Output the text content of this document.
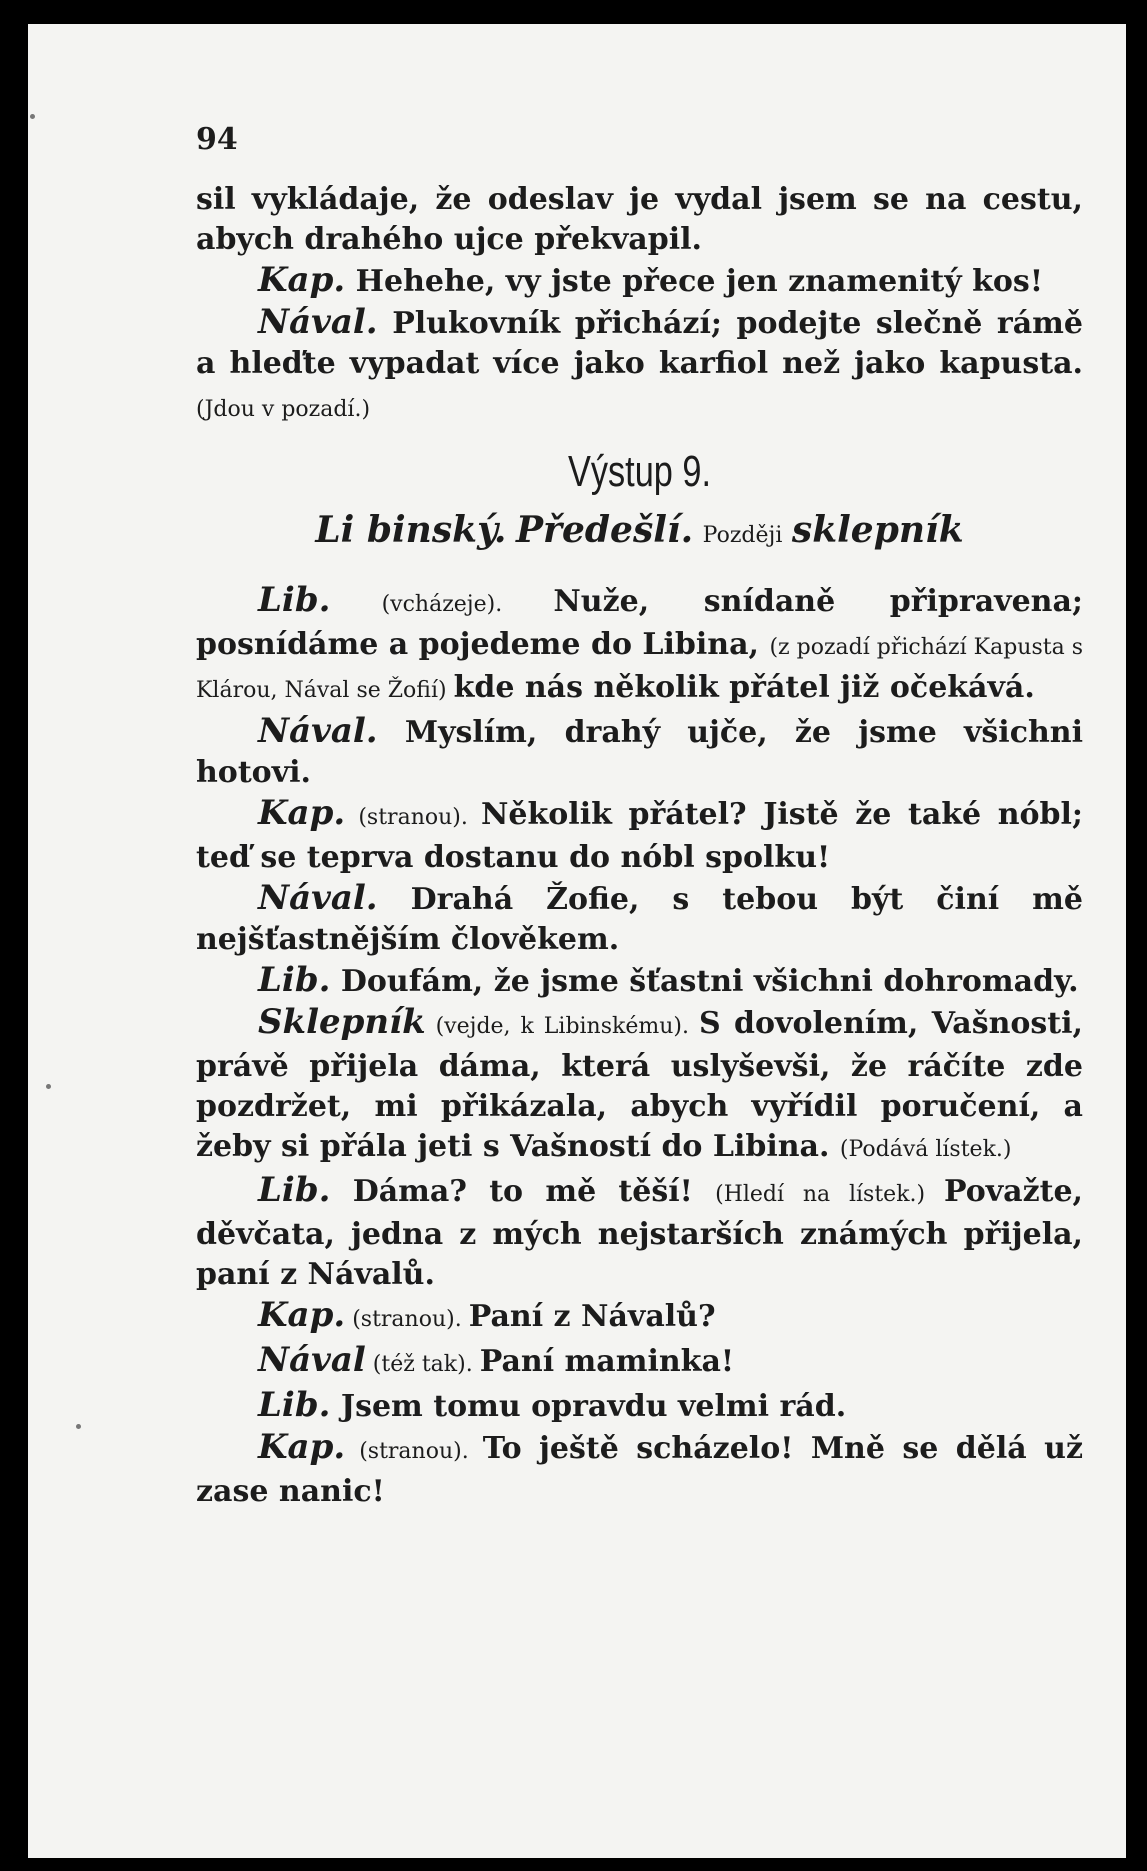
94

sil vykládaje, že odeslav je vydal jsem se na cestu, abych drahého ujce překvapil.

Kap. Hehehe, vy jste přece jen znamenitý kos!

Nával. Plukovník přichází; podejte slečně rámě a hleďte vypadat více jako karfiol než jako kapusta. (Jdou v pozadí.)

Výstup 9.
Li binský. Předešlí. Později sklepník

Lib. (vcházeje). Nuže, snídaně připravena; posnídáme a pojedeme do Libina, (z pozadí přichází Kapusta s Klárou, Nával se Žofií) kde nás několik přátel již očekává.

Nával. Myslím, drahý ujče, že jsme všichni hotovi.

Kap. (stranou). Několik přátel? Jistě že také nóbl; teď se teprva dostanu do nóbl spolku!

Nával. Drahá Žofie, s tebou být činí mě nejšťastnějším člověkem.

Lib. Doufám, že jsme šťastni všichni dohromady.

Sklepník (vejde, k Libinskému). S dovolením, Vašnosti, právě přijela dáma, která uslyševši, že ráčíte zde pozdržet, mi přikázala, abych vyřídil poručení, a žeby si přála jeti s Vašností do Libina. (Podává lístek.)

Lib. Dáma? to mě těší! (Hledí na lístek.) Považte, děvčata, jedna z mých nejstarších známých přijela, paní z Návalů.

Kap. (stranou). Paní z Návalů?

Nával (též tak). Paní maminka!

Lib. Jsem tomu opravdu velmi rád.

Kap. (stranou). To ještě scházelo! Mně se dělá už zase nanic!
